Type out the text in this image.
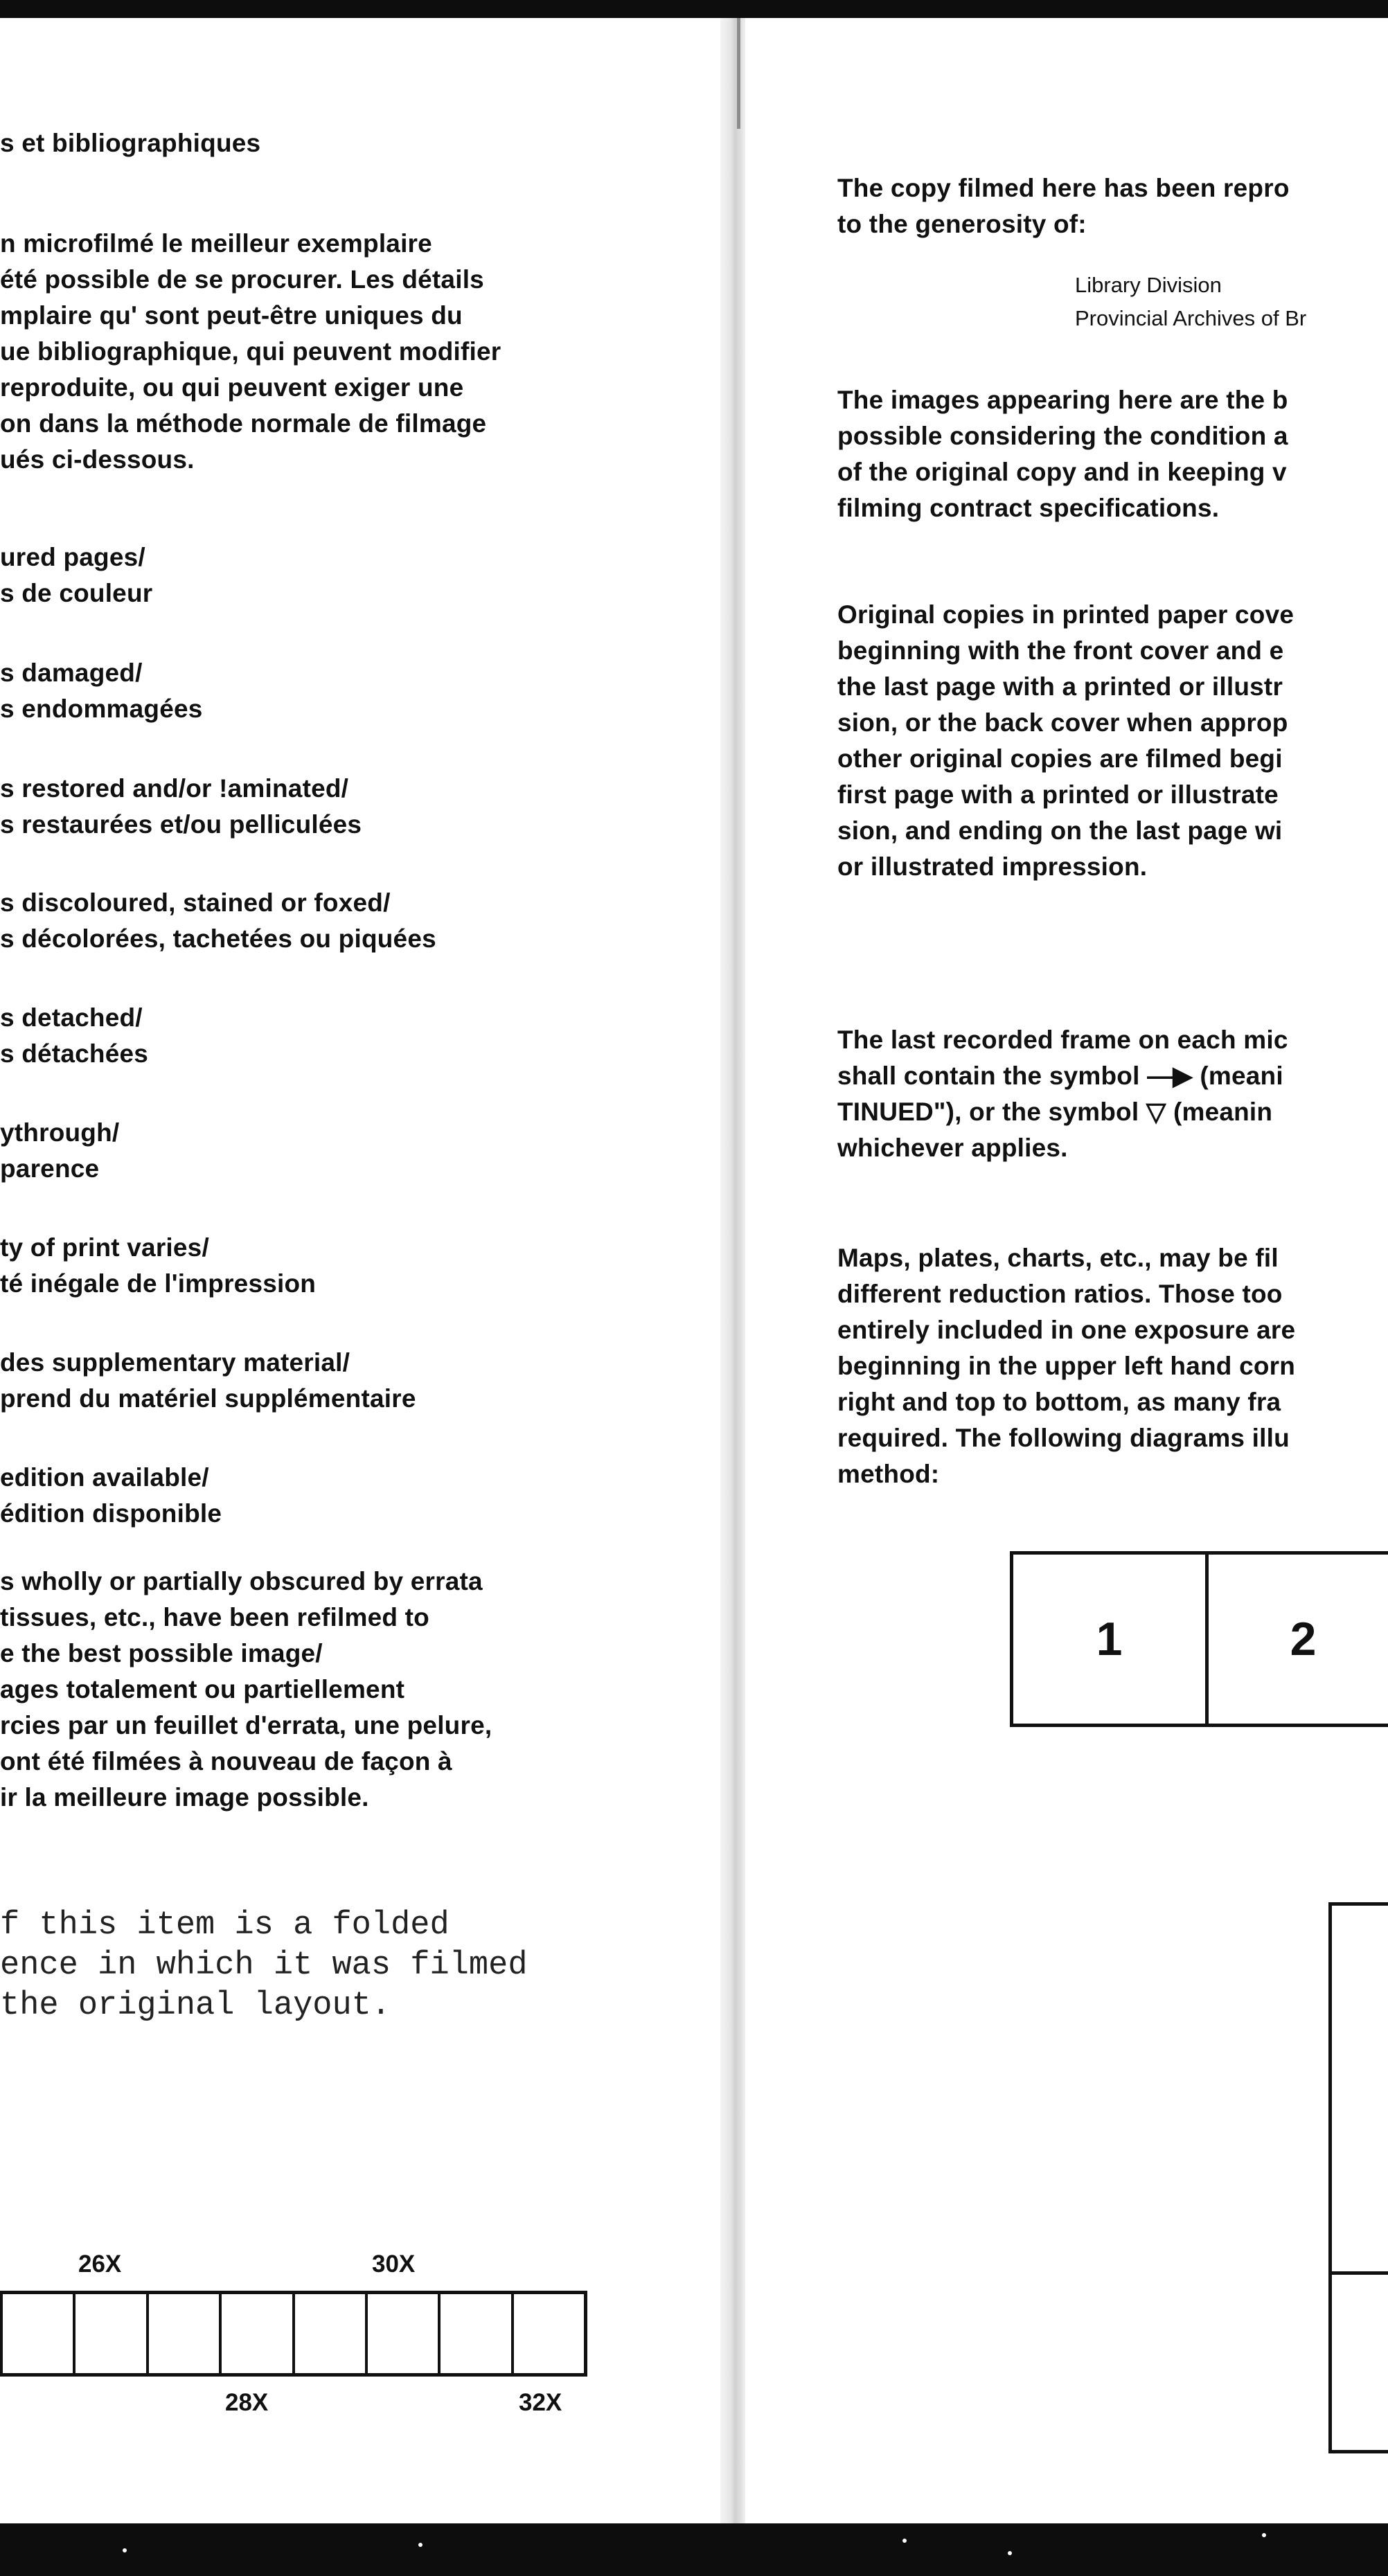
s et bibliographiques
n microfilmé le meilleur exemplaire
été possible de se procurer. Les détails
mplaire qu' sont peut-être uniques du
ue bibliographique, qui peuvent modifier
reproduite, ou qui peuvent exiger une
on dans la méthode normale de filmage
ués ci-dessous.
ured pages/
s de couleur
s damaged/
s endommagées
s restored and/or !aminated/
s restaurées et/ou pelliculées
s discoloured, stained or foxed/
s décolorées, tachetées ou piquées
s detached/
s détachées
ythrough/
parence
ty of print varies/
té inégale de l'impression
des supplementary material/
prend du matériel supplémentaire
edition available/
édition disponible
s wholly or partially obscured by errata
tissues, etc., have been refilmed to
e the best possible image/
ages totalement ou partiellement
rcies par un feuillet d'errata, une pelure,
ont été filmées à nouveau de façon à
ir la meilleure image possible.
f this item is a folded
ence in which it was filmed
the original layout.
26X	30X
28X	32X
The copy filmed here has been repro
to the generosity of:
Library Division
Provincial Archives of Br
The images appearing here are the b
possible considering the condition a
of the original copy and in keeping v
filming contract specifications.
Original copies in printed paper cove
beginning with the front cover and e
the last page with a printed or illustr
sion, or the back cover when approp
other original copies are filmed begi
first page with a printed or illustrate
sion, and ending on the last page wi
or illustrated impression.
The last recorded frame on each mic
shall contain the symbol —▶ (meani
TINUED"), or the symbol ▽ (meanin
whichever applies.
Maps, plates, charts, etc., may be fil
different reduction ratios. Those too
entirely included in one exposure are
beginning in the upper left hand corn
right and top to bottom, as many fra
required. The following diagrams illu
method:
1	2
